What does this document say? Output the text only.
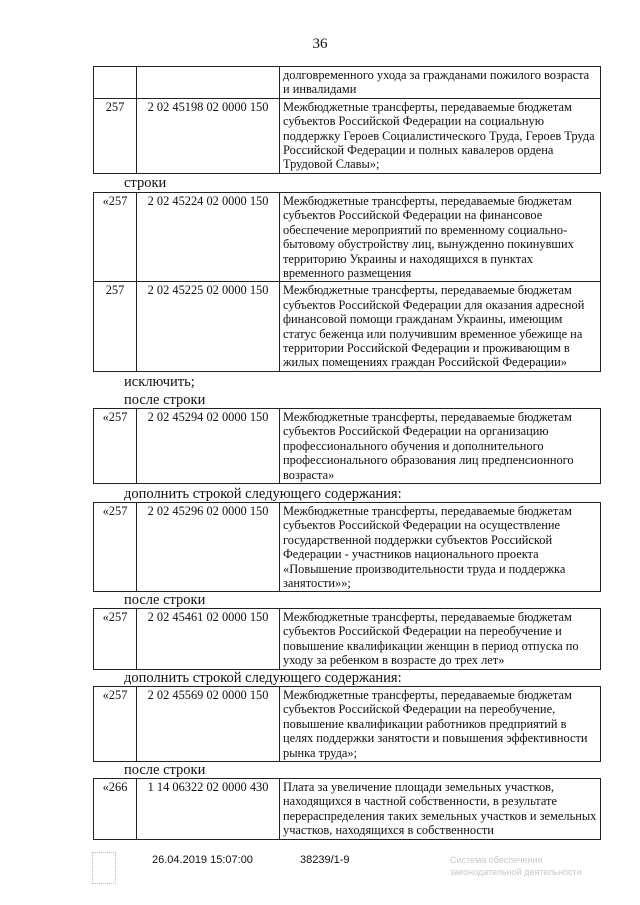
36
		долговременного ухода за гражданами пожилого возраста и инвалидами
257	2 02 45198 02 0000 150	Межбюджетные трансферты, передаваемые бюджетам субъектов Российской Федерации на социальную поддержку Героев Социалистического Труда, Героев Труда Российской Федерации и полных кавалеров ордена Трудовой Славы»;
строки
«257	2 02 45224 02 0000 150	Межбюджетные трансферты, передаваемые бюджетам субъектов Российской Федерации на финансовое обеспечение мероприятий по временному социально-бытовому обустройству лиц, вынужденно покинувших территорию Украины и находящихся в пунктах временного размещения
257	2 02 45225 02 0000 150	Межбюджетные трансферты, передаваемые бюджетам субъектов Российской Федерации для оказания адресной финансовой помощи гражданам Украины, имеющим статус беженца или получившим временное убежище на территории Российской Федерации и проживающим в жилых помещениях граждан Российской Федерации»
исключить;
после строки
«257	2 02 45294 02 0000 150	Межбюджетные трансферты, передаваемые бюджетам субъектов Российской Федерации на организацию профессионального обучения и дополнительного профессионального образования лиц предпенсионного возраста»
дополнить строкой следующего содержания:
«257	2 02 45296 02 0000 150	Межбюджетные трансферты, передаваемые бюджетам субъектов Российской Федерации на осуществление государственной поддержки субъектов Российской Федерации - участников национального проекта «Повышение производительности труда и поддержка занятости»»;
после строки
«257	2 02 45461 02 0000 150	Межбюджетные трансферты, передаваемые бюджетам субъектов Российской Федерации на переобучение и повышение квалификации женщин в период отпуска по уходу за ребенком в возрасте до трех лет»
дополнить строкой следующего содержания:
«257	2 02 45569 02 0000 150	Межбюджетные трансферты, передаваемые бюджетам субъектов Российской Федерации на переобучение, повышение квалификации работников предприятий в целях поддержки занятости и повышения эффективности рынка труда»;
после строки
«266	1 14 06322 02 0000 430	Плата за увеличение площади земельных участков, находящихся в частной собственности, в результате перераспределения таких земельных участков и земельных участков, находящихся в собственности
26.04.2019 15:07:00	38239/1-9	Система обеспечения законодательной деятельности
